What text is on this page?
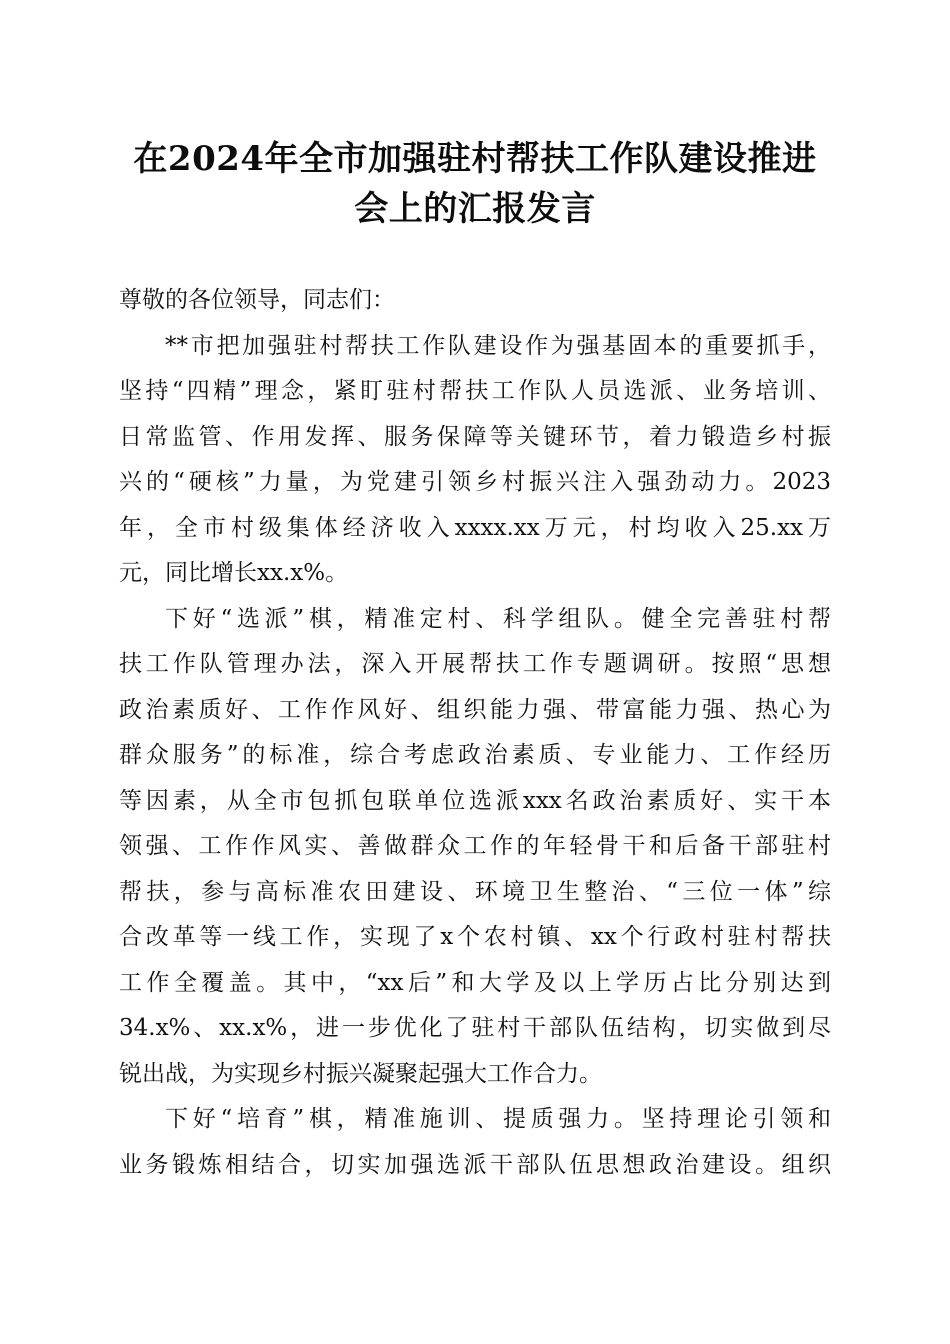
在2024年全市加强驻村帮扶工作队建设推进
会上的汇报发言

尊敬的各位领导，同志们：

**市把加强驻村帮扶工作队建设作为强基固本的重要抓手，
坚持“四精”理念，紧盯驻村帮扶工作队人员选派、业务培训、
日常监管、作用发挥、服务保障等关键环节，着力锻造乡村振
兴的“硬核”力量，为党建引领乡村振兴注入强劲动力。2023
年，全市村级集体经济收入xxxx.xx万元，村均收入25.xx万
元，同比增长xx.x%。

下好“选派”棋，精准定村、科学组队。健全完善驻村帮
扶工作队管理办法，深入开展帮扶工作专题调研。按照“思想
政治素质好、工作作风好、组织能力强、带富能力强、热心为
群众服务”的标准，综合考虑政治素质、专业能力、工作经历
等因素，从全市包抓包联单位选派xxx名政治素质好、实干本
领强、工作作风实、善做群众工作的年轻骨干和后备干部驻村
帮扶，参与高标准农田建设、环境卫生整治、“三位一体”综
合改革等一线工作，实现了x个农村镇、xx个行政村驻村帮扶
工作全覆盖。其中，“xx后”和大学及以上学历占比分别达到
34.x%、xx.x%，进一步优化了驻村干部队伍结构，切实做到尽
锐出战，为实现乡村振兴凝聚起强大工作合力。

下好“培育”棋，精准施训、提质强力。坚持理论引领和
业务锻炼相结合，切实加强选派干部队伍思想政治建设。组织
